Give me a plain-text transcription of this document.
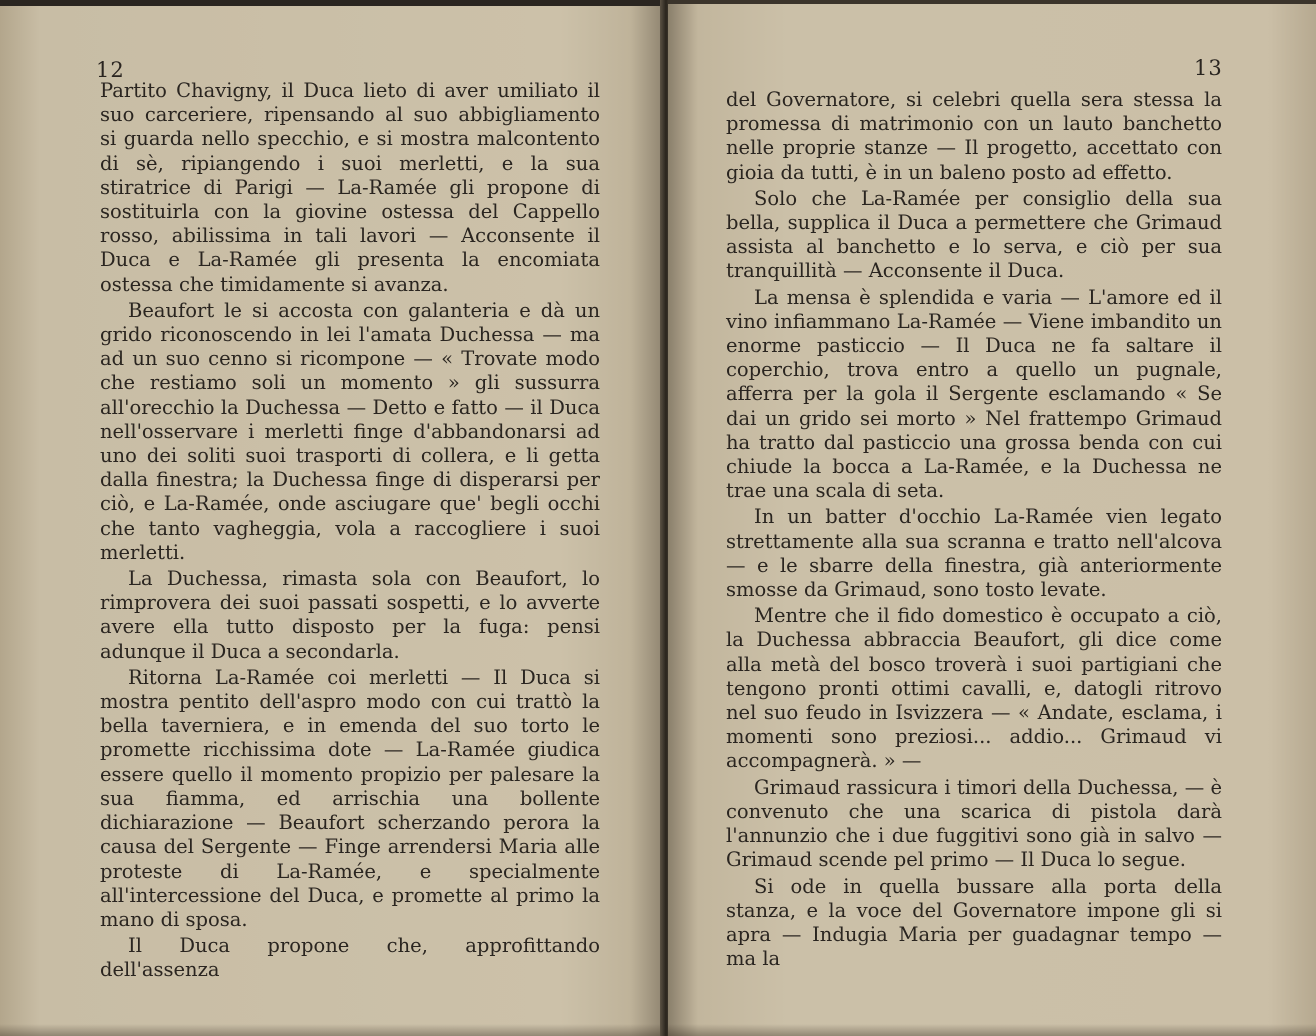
12

Partito Chavigny, il Duca lieto di aver umiliato il suo carceriere, ripensando al suo abbigliamento si guarda nello specchio, e si mostra malcontento di sè, ripiangendo i suoi merletti, e la sua stiratrice di Parigi — La-Ramée gli propone di sostituirla con la giovine ostessa del Cappello rosso, abilissima in tali lavori — Acconsente il Duca e La-Ramée gli presenta la encomiata ostessa che timidamente si avanza.

Beaufort le si accosta con galanteria e dà un grido riconoscendo in lei l'amata Duchessa — ma ad un suo cenno si ricompone — « Trovate modo che restiamo soli un momento » gli sussurra all'orecchio la Duchessa — Detto e fatto — il Duca nell'osservare i merletti finge d'abbandonarsi ad uno dei soliti suoi trasporti di collera, e li getta dalla finestra; la Duchessa finge di disperarsi per ciò, e La-Ramée, onde asciugare que' begli occhi che tanto vagheggia, vola a raccogliere i suoi merletti.

La Duchessa, rimasta sola con Beaufort, lo rimprovera dei suoi passati sospetti, e lo avverte avere ella tutto disposto per la fuga: pensi adunque il Duca a secondarla.

Ritorna La-Ramée coi merletti — Il Duca si mostra pentito dell'aspro modo con cui trattò la bella taverniera, e in emenda del suo torto le promette ricchissima dote — La-Ramée giudica essere quello il momento propizio per palesare la sua fiamma, ed arrischia una bollente dichiarazione — Beaufort scherzando perora la causa del Sergente — Finge arrendersi Maria alle proteste di La-Ramée, e specialmente all'intercessione del Duca, e promette al primo la mano di sposa.

Il Duca propone che, approfittando dell'assenza

13

del Governatore, si celebri quella sera stessa la promessa di matrimonio con un lauto banchetto nelle proprie stanze — Il progetto, accettato con gioia da tutti, è in un baleno posto ad effetto.

Solo che La-Ramée per consiglio della sua bella, supplica il Duca a permettere che Grimaud assista al banchetto e lo serva, e ciò per sua tranquillità — Acconsente il Duca.

La mensa è splendida e varia — L'amore ed il vino infiammano La-Ramée — Viene imbandito un enorme pasticcio — Il Duca ne fa saltare il coperchio, trova entro a quello un pugnale, afferra per la gola il Sergente esclamando « Se dai un grido sei morto » Nel frattempo Grimaud ha tratto dal pasticcio una grossa benda con cui chiude la bocca a La-Ramée, e la Duchessa ne trae una scala di seta.

In un batter d'occhio La-Ramée vien legato strettamente alla sua scranna e tratto nell'alcova — e le sbarre della finestra, già anteriormente smosse da Grimaud, sono tosto levate.

Mentre che il fido domestico è occupato a ciò, la Duchessa abbraccia Beaufort, gli dice come alla metà del bosco troverà i suoi partigiani che tengono pronti ottimi cavalli, e, datogli ritrovo nel suo feudo in Isvizzera — « Andate, esclama, i momenti sono preziosi... addio... Grimaud vi accompagnerà. » —

Grimaud rassicura i timori della Duchessa, — è convenuto che una scarica di pistola darà l'annunzio che i due fuggitivi sono già in salvo — Grimaud scende pel primo — Il Duca lo segue.

Si ode in quella bussare alla porta della stanza, e la voce del Governatore impone gli si apra — Indugia Maria per guadagnar tempo — ma la
